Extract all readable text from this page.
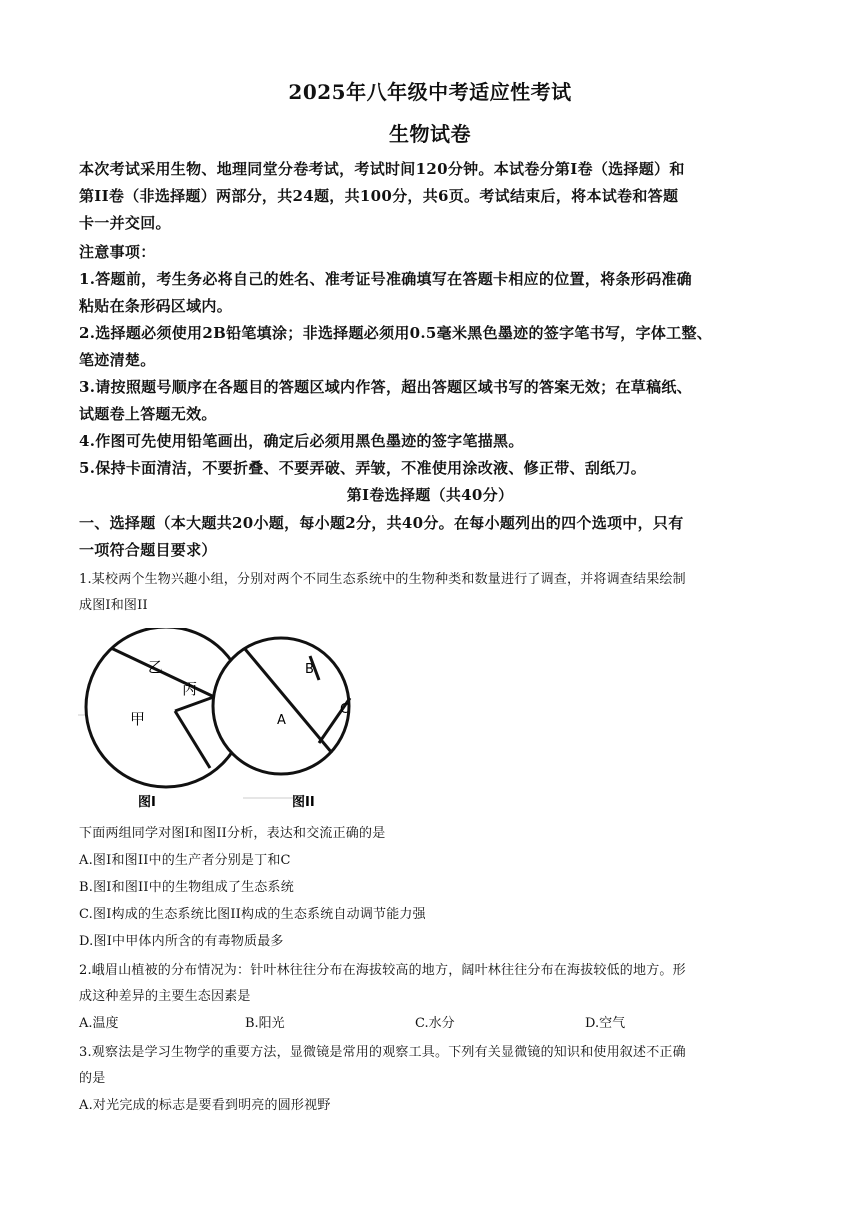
2025年八年级中考适应性考试
生物试卷
本次考试采用生物、地理同堂分卷考试，考试时间120分钟。本试卷分第I卷（选择题）和
第II卷（非选择题）两部分，共24题，共100分，共6页。考试结束后，将本试卷和答题
卡一并交回。
注意事项：
1.答题前，考生务必将自己的姓名、准考证号准确填写在答题卡相应的位置，将条形码准确
粘贴在条形码区域内。
2.选择题必须使用2B铅笔填涂；非选择题必须用0.5毫米黑色墨迹的签字笔书写，字体工整、
笔迹清楚。
3.请按照题号顺序在各题目的答题区域内作答，超出答题区域书写的答案无效；在草稿纸、
试题卷上答题无效。
4.作图可先使用铅笔画出，确定后必须用黑色墨迹的签字笔描黑。
5.保持卡面清洁，不要折叠、不要弄破、弄皱，不准使用涂改液、修正带、刮纸刀。
第I卷选择题（共40分）
一、选择题（本大题共20小题，每小题2分，共40分。在每小题列出的四个选项中，只有
一项符合题目要求）
1.某校两个生物兴趣小组，分别对两个不同生态系统中的生物种类和数量进行了调查，并将调查结果绘制
成图I和图II
甲
乙
丙
图I
B
A
C
图II
下面两组同学对图I和图II分析，表达和交流正确的是
A.图I和图II中的生产者分别是丁和C
B.图I和图II中的生物组成了生态系统
C.图I构成的生态系统比图II构成的生态系统自动调节能力强
D.图I中甲体内所含的有毒物质最多
2.峨眉山植被的分布情况为：针叶林往往分布在海拔较高的地方，阔叶林往往分布在海拔较低的地方。形
成这种差异的主要生态因素是
A.温度	B.阳光	C.水分	D.空气
3.观察法是学习生物学的重要方法，显微镜是常用的观察工具。下列有关显微镜的知识和使用叙述不正确
的是
A.对光完成的标志是要看到明亮的圆形视野
